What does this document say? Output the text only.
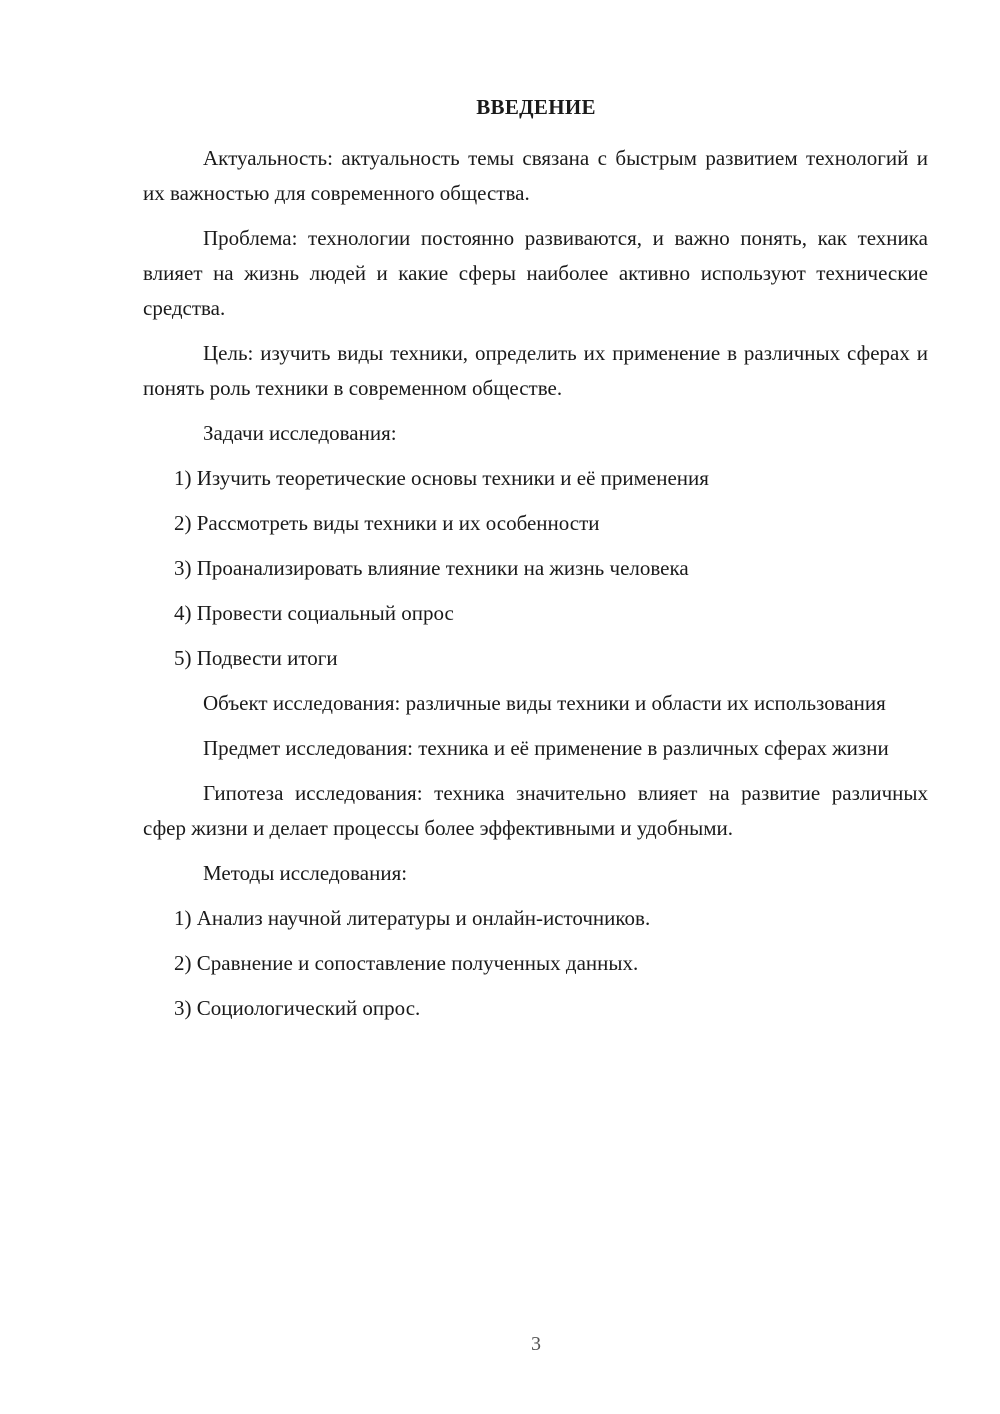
ВВЕДЕНИЕ

Актуальность: актуальность темы связана с быстрым развитием технологий и их важностью для современного общества.

Проблема: технологии постоянно развиваются, и важно понять, как техника влияет на жизнь людей и какие сферы наиболее активно используют технические средства.

Цель: изучить виды техники, определить их применение в различных сферах и понять роль техники в современном обществе.

Задачи исследования:

1) Изучить теоретические основы техники и её применения
2) Рассмотреть виды техники и их особенности
3) Проанализировать влияние техники на жизнь человека
4) Провести социальный опрос
5) Подвести итоги

Объект исследования: различные виды техники и области их использования

Предмет исследования: техника и её применение в различных сферах жизни

Гипотеза исследования: техника значительно влияет на развитие различных сфер жизни и делает процессы более эффективными и удобными.

Методы исследования:

1) Анализ научной литературы и онлайн-источников.
2) Сравнение и сопоставление полученных данных.
3) Социологический опрос.
3
